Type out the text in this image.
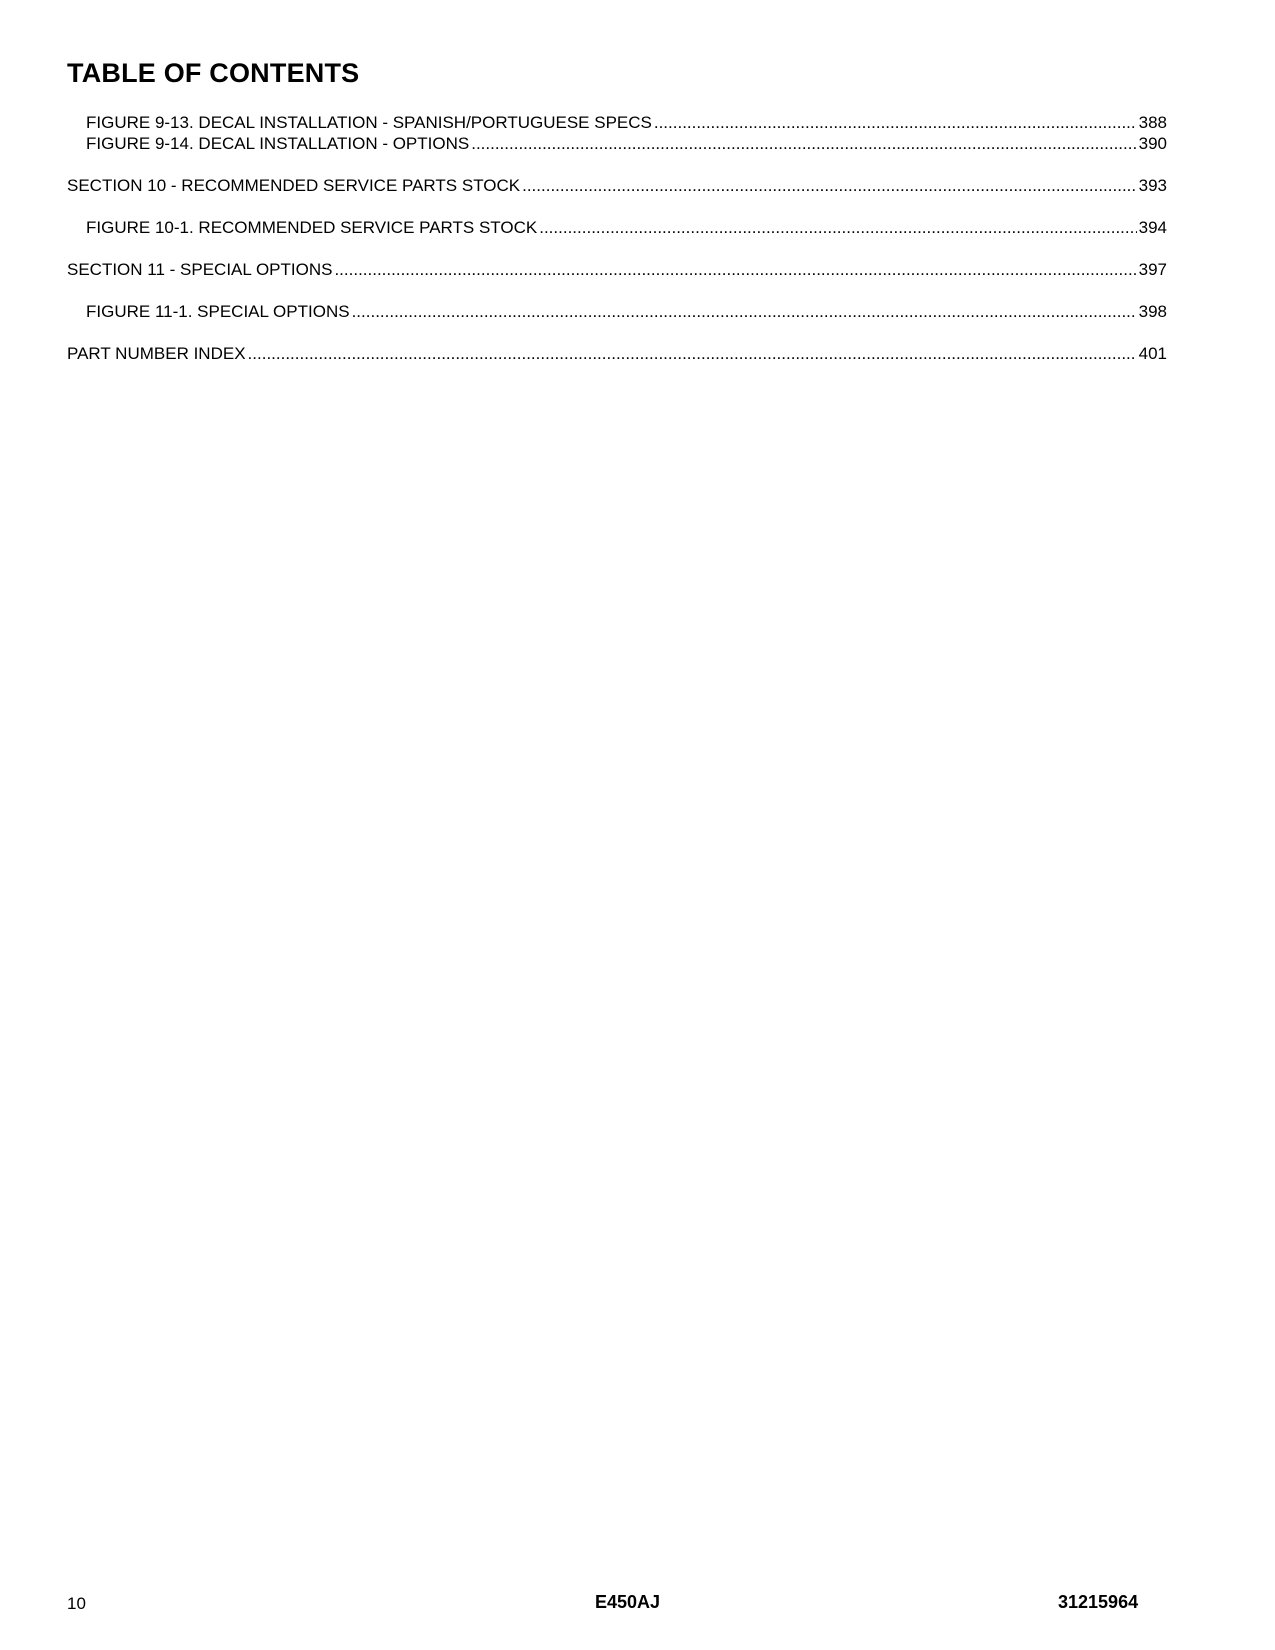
TABLE OF CONTENTS
FIGURE 9-13. DECAL INSTALLATION - SPANISH/PORTUGUESE SPECS .....	388
FIGURE 9-14. DECAL INSTALLATION - OPTIONS .....	390
SECTION 10 - RECOMMENDED SERVICE PARTS STOCK .....	393
FIGURE 10-1. RECOMMENDED SERVICE PARTS STOCK .....	394
SECTION 11 - SPECIAL OPTIONS .....	397
FIGURE 11-1. SPECIAL OPTIONS .....	398
PART NUMBER INDEX .....	401
10	E450AJ	31215964
